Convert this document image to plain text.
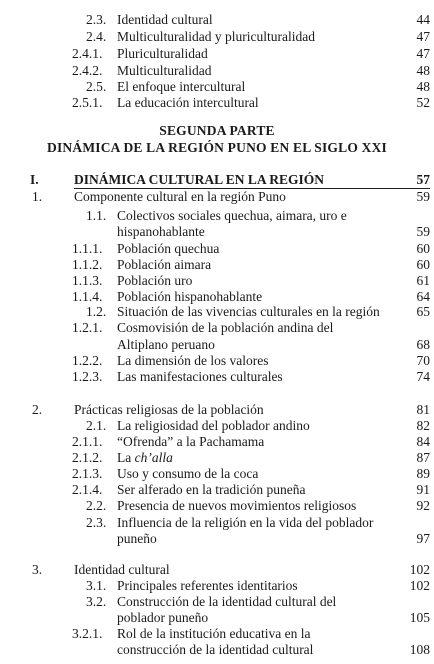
2.3. Identidad cultural	44
2.4. Multiculturalidad y pluriculturalidad	47
2.4.1. Pluriculturalidad	47
2.4.2. Multiculturalidad	48
2.5. El enfoque intercultural	48
2.5.1. La educación intercultural	52
SEGUNDA PARTE
DINÁMICA DE LA REGIÓN PUNO EN EL SIGLO XXI
I.	DINÁMICA CULTURAL EN LA REGIÓN	57
1. Componente cultural en la región Puno	59
1.1. Colectivos sociales quechua, aimara, uro e
hispanohablante	59
1.1.1. Población quechua	60
1.1.2. Población aimara	60
1.1.3. Población uro	61
1.1.4. Población hispanohablante	64
1.2. Situación de las vivencias culturales en la región	65
1.2.1. Cosmovisión de la población andina del
Altiplano peruano	68
1.2.2. La dimensión de los valores	70
1.2.3. Las manifestaciones culturales	74
2. Prácticas religiosas de la población	81
2.1. La religiosidad del poblador andino	82
2.1.1. “Ofrenda” a la Pachamama	84
2.1.2. La ch’alla	87
2.1.3. Uso y consumo de la coca	89
2.1.4. Ser alferado en la tradición puneña	91
2.2. Presencia de nuevos movimientos religiosos	92
2.3. Influencia de la religión en la vida del poblador
puneño	97
3. Identidad cultural	102
3.1. Principales referentes identitarios	102
3.2. Construcción de la identidad cultural del
poblador puneño	105
3.2.1. Rol de la institución educativa en la
construcción de la identidad cultural	108
